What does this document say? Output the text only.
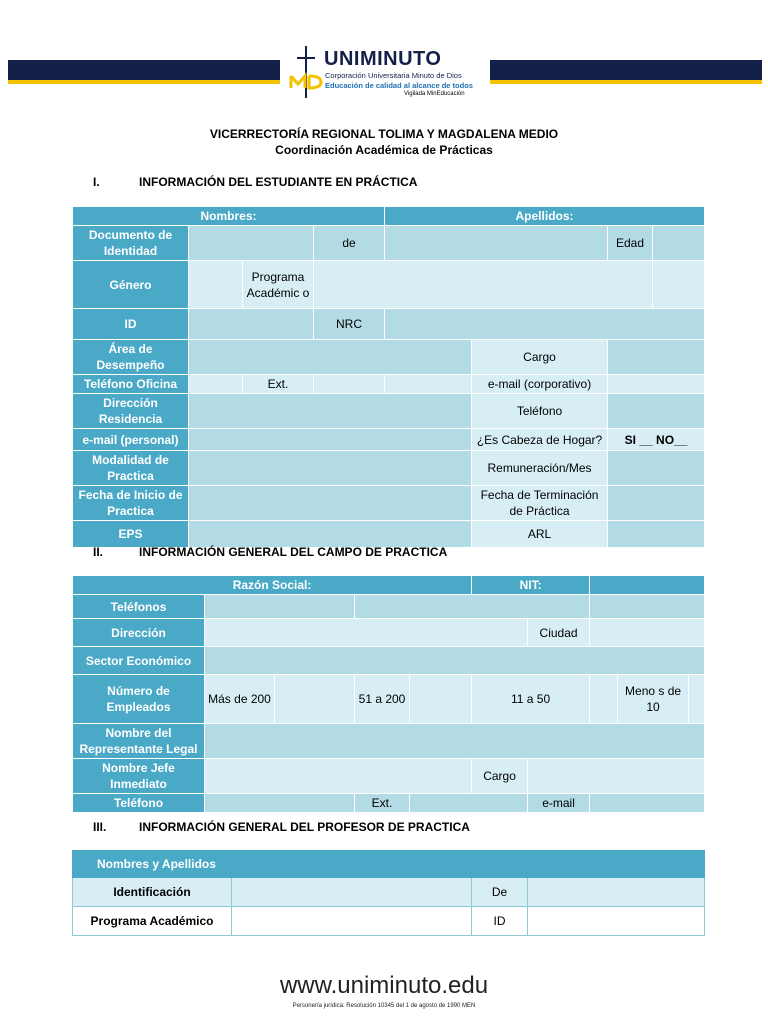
UNIMINUTO
Corporación Universitaria Minuto de Dios
Educación de calidad al alcance de todos
Vigilada MinEducación
VICERRECTORÍA REGIONAL TOLIMA Y MAGDALENA MEDIO
Coordinación Académica de Prácticas
I.	INFORMACIÓN DEL ESTUDIANTE EN PRÁCTICA
Nombres:				Apellidos:			
Documento de Identidad			de			Edad	
Género		Programa Académic o					
ID			NRC				
Área de Desempeño					Cargo		
Teléfono Oficina		Ext.			e-mail (corporativo)		
Dirección Residencia					Teléfono		
e-mail (personal)					¿Es Cabeza de Hogar?	SI __ NO__	
Modalidad de Practica					Remuneración/Mes		
Fecha de Inicio de Practica					Fecha de Terminación de Práctica		
EPS					ARL		
II.	INFORMACIÓN GENERAL DEL CAMPO DE PRACTICA
Razón Social:					NIT:				
Teléfonos									
Dirección						Ciudad			
Sector Económico									
Número de Empleados	Más de 200		51 a 200		11 a 50			Meno s de 10	
Nombre del Representante Legal									
Nombre Jefe Inmediato					Cargo				
Teléfono			Ext.			e-mail			
III.	INFORMACIÓN GENERAL DEL PROFESOR DE PRACTICA
Nombres y Apellidos			
Identificación		De	
Programa Académico		ID	
www.uniminuto.edu
Personería jurídica: Resolución 10345 del 1 de agosto de 1990 MEN
